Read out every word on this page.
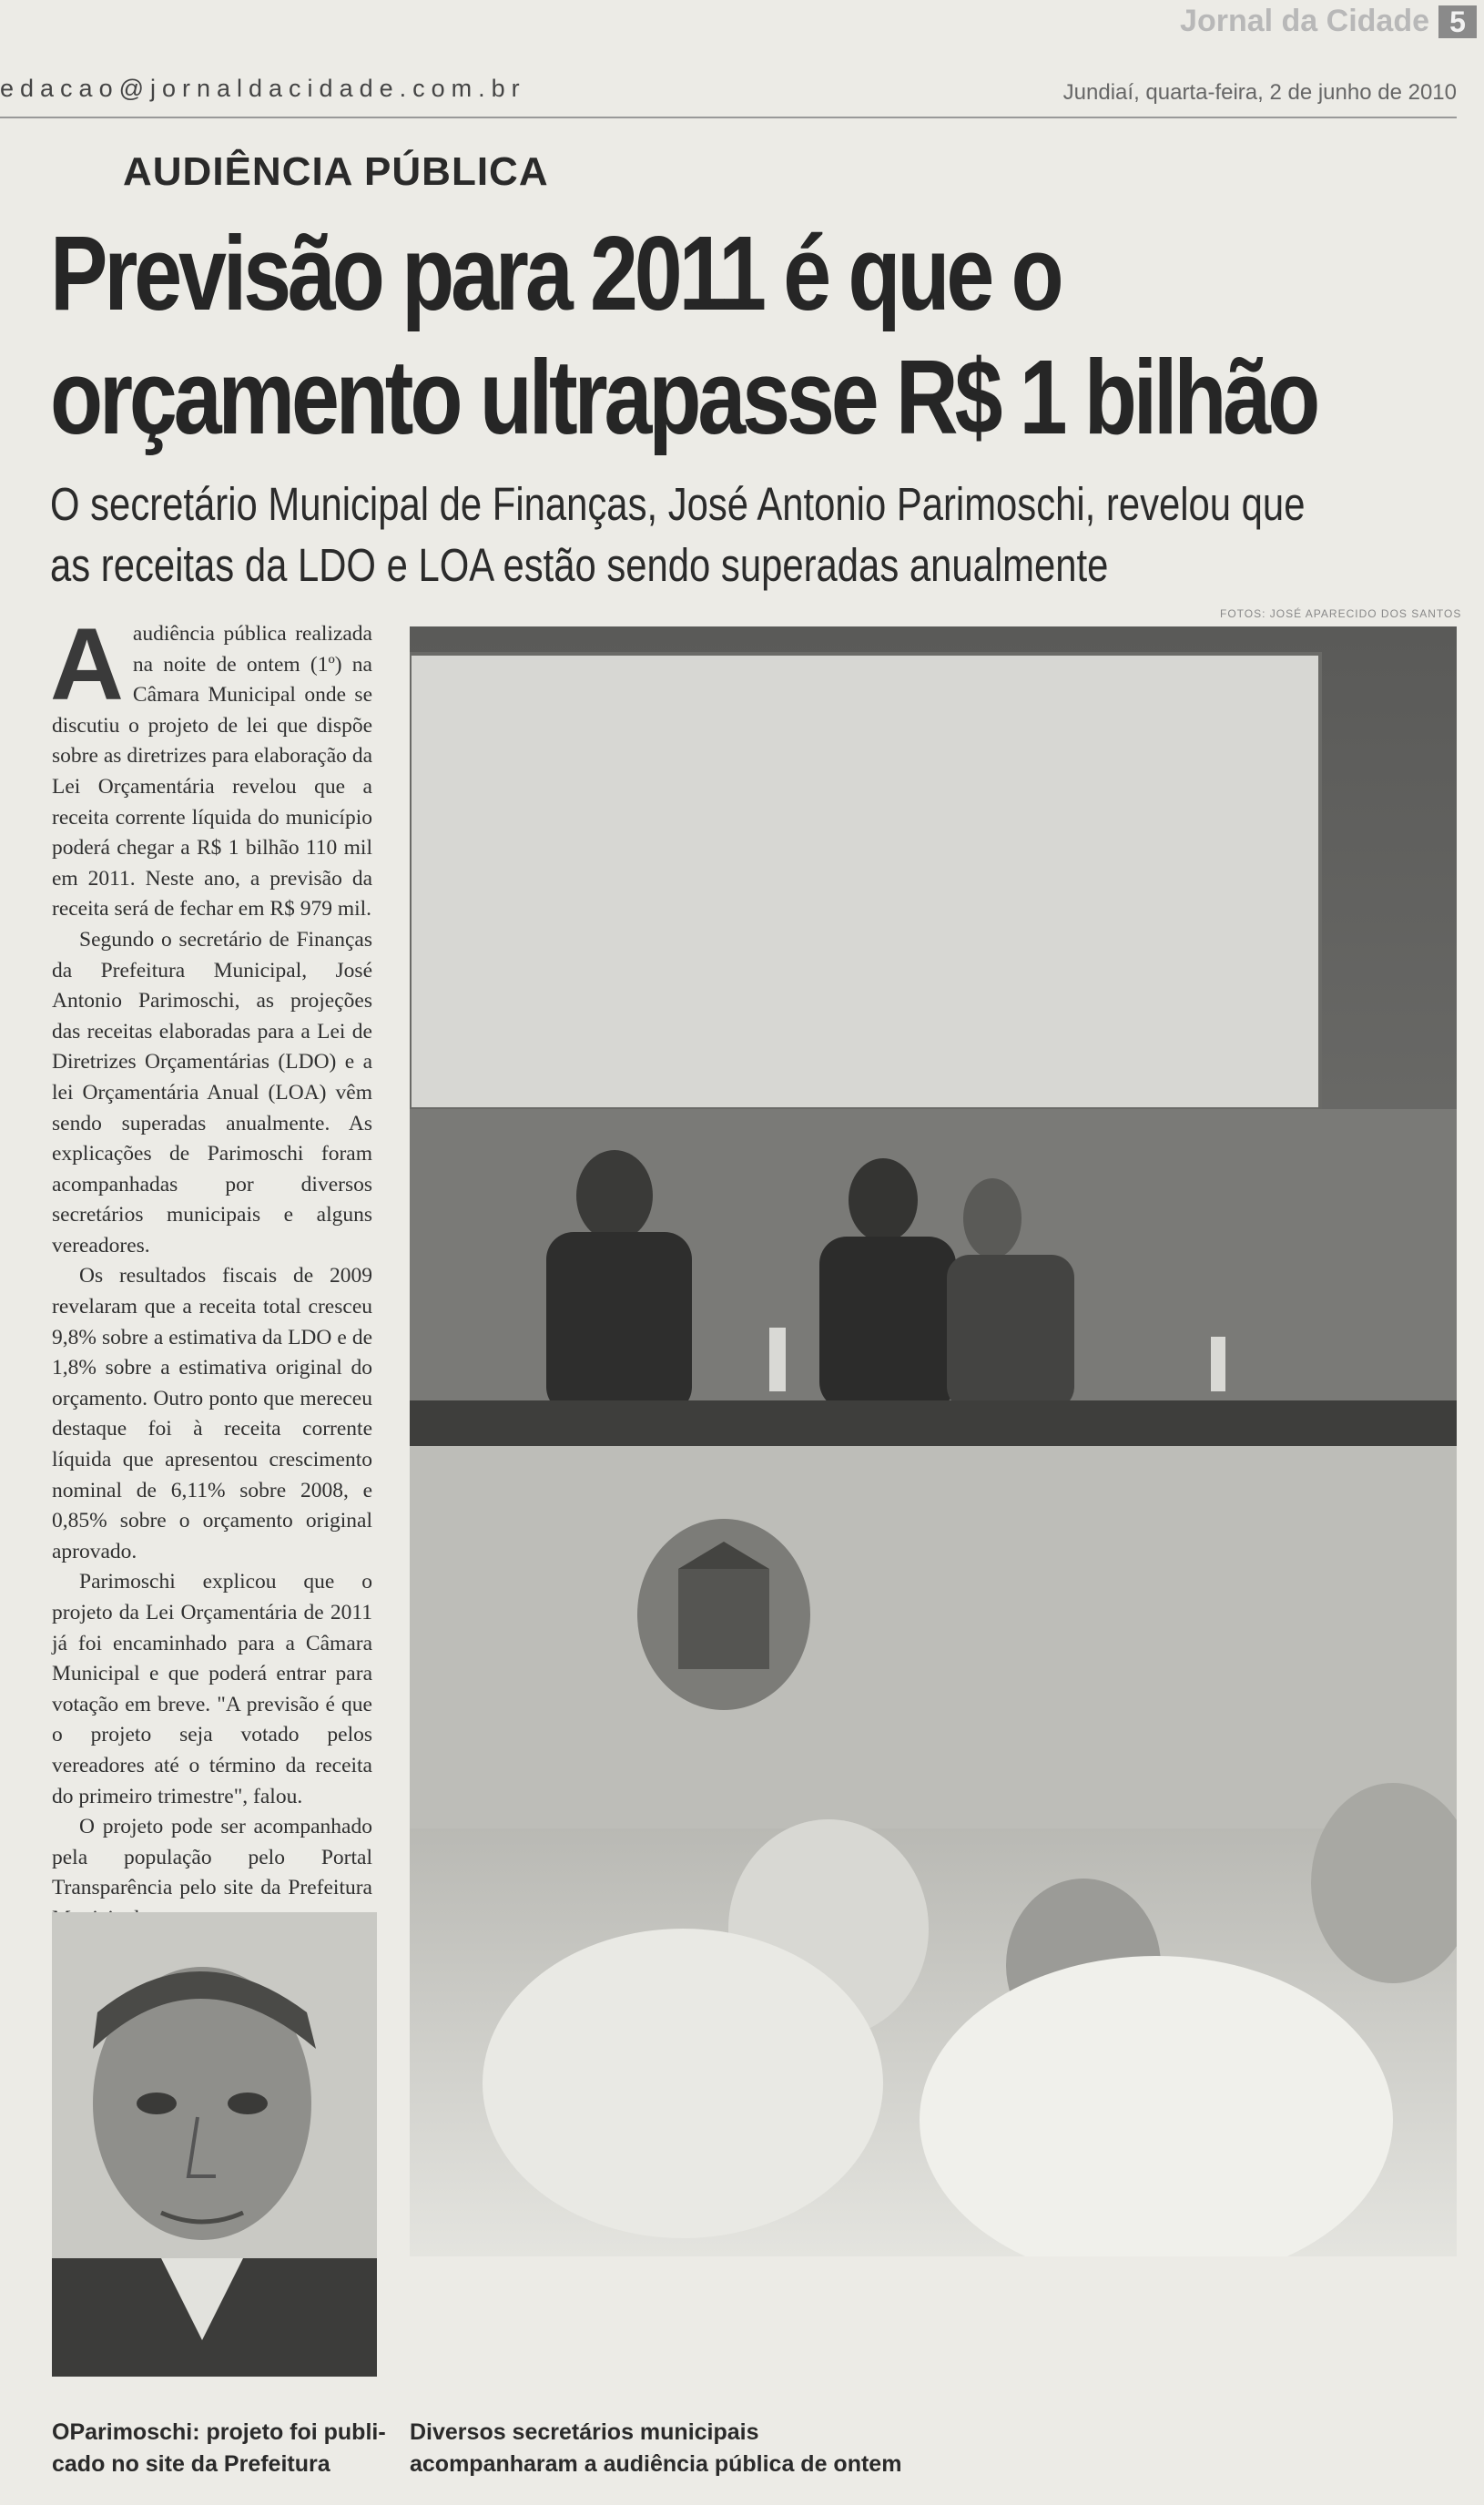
edacao@jornaldacidade.com.br
Jornal da Cidade 5
Jundiaí, quarta-feira, 2 de junho de 2010
AUDIÊNCIA PÚBLICA
Previsão para 2011 é que o
orçamento ultrapasse R$ 1 bilhão
O secretário Municipal de Finanças, José Antonio Parimoschi, revelou que
as receitas da LDO e LOA estão sendo superadas anualmente
FOTOS: JOSÉ APARECIDO DOS SANTOS

Aaudiência pública realizada na noite de ontem (1º) na Câmara Municipal onde se discutiu o projeto de lei que dispõe sobre as diretrizes para elaboração da Lei Orçamentária revelou que a receita corrente líquida do município poderá chegar a R$ 1 bilhão 110 mil em 2011. Neste ano, a previsão da receita será de fechar em R$ 979 mil.

Segundo o secretário de Finanças da Prefeitura Municipal, José Antonio Parimoschi, as projeções das receitas elaboradas para a Lei de Diretrizes Orçamentárias (LDO) e a lei Orçamentária Anual (LOA) vêm sendo superadas anualmente. As explicações de Parimoschi foram acompanhadas por diversos secretários municipais e alguns vereadores.

Os resultados fiscais de 2009 revelaram que a receita total cresceu 9,8% sobre a estimativa da LDO e de 1,8% sobre a estimativa original do orçamento. Outro ponto que mereceu destaque foi à receita corrente líquida que apresentou crescimento nominal de 6,11% sobre 2008, e 0,85% sobre o orçamento original aprovado.

Parimoschi explicou que o projeto da Lei Orçamentária de 2011 já foi encaminhado para a Câmara Municipal e que poderá entrar para votação em breve. "A previsão é que o projeto seja votado pelos vereadores até o término da receita do primeiro trimestre", falou.

O projeto pode ser acompanhado pela população pelo Portal Transparência pelo site da Prefeitura

OParimoschi: projeto foi publi-
cado no site da Prefeitura
Diversos secretários municipais
acompanharam a audiência pública de ontem
